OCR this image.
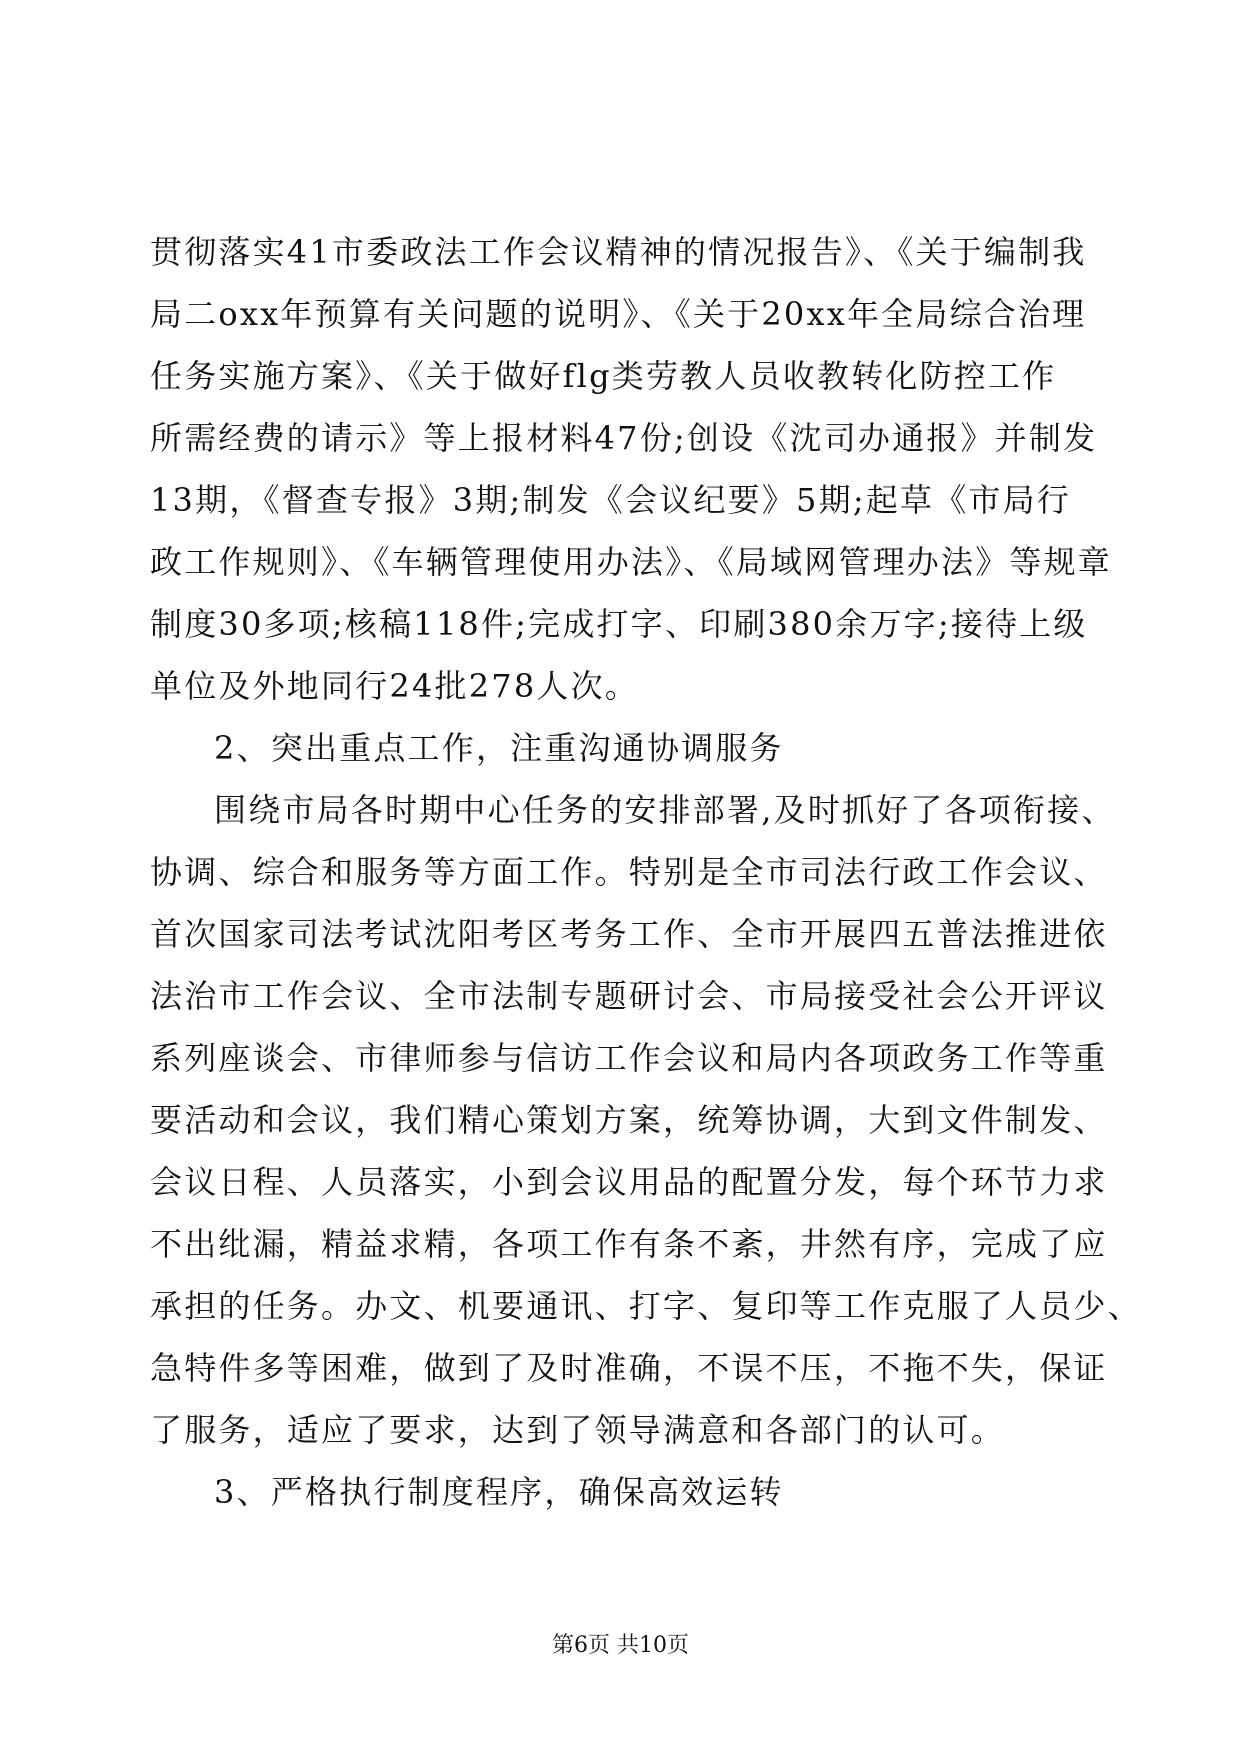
贯彻落实41市委政法工作会议精神的情况报告》、《关于编制我
局二oxx年预算有关问题的说明》、《关于20xx年全局综合治理
任务实施方案》、《关于做好flg类劳教人员收教转化防控工作
所需经费的请示》等上报材料47份;创设《沈司办通报》并制发
13期，《督查专报》3期;制发《会议纪要》5期;起草《市局行
政工作规则》、《车辆管理使用办法》、《局域网管理办法》等规章
制度30多项;核稿118件;完成打字、印刷380余万字;接待上级
单位及外地同行24批278人次。
2、突出重点工作，注重沟通协调服务
围绕市局各时期中心任务的安排部署,及时抓好了各项衔接、
协调、综合和服务等方面工作。特别是全市司法行政工作会议、
首次国家司法考试沈阳考区考务工作、全市开展四五普法推进依
法治市工作会议、全市法制专题研讨会、市局接受社会公开评议
系列座谈会、市律师参与信访工作会议和局内各项政务工作等重
要活动和会议，我们精心策划方案，统筹协调，大到文件制发、
会议日程、人员落实，小到会议用品的配置分发，每个环节力求
不出纰漏，精益求精，各项工作有条不紊，井然有序，完成了应
承担的任务。办文、机要通讯、打字、复印等工作克服了人员少、
急特件多等困难，做到了及时准确，不误不压，不拖不失，保证
了服务，适应了要求，达到了领导满意和各部门的认可。
3、严格执行制度程序，确保高效运转
第6页 共10页
